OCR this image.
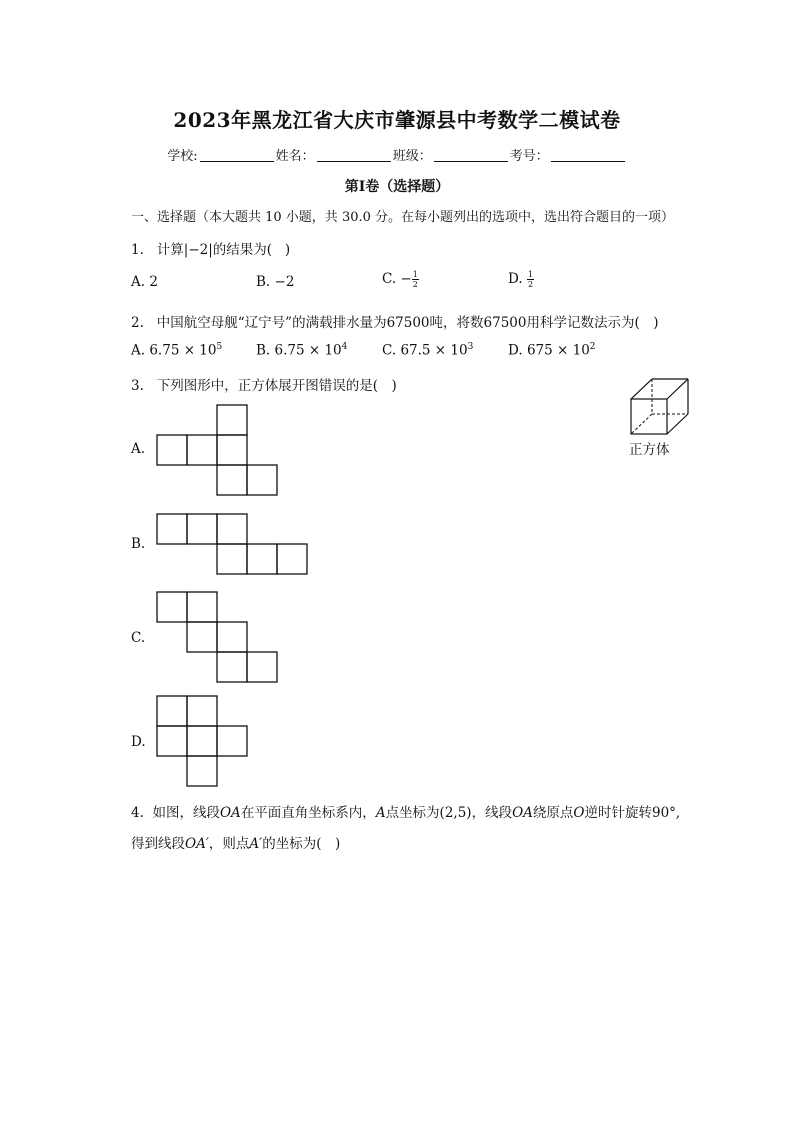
2023年黑龙江省大庆市肇源县中考数学二模试卷
学校:	姓名：	班级：	考号：
第Ⅰ卷（选择题）
一、选择题（本大题共 10 小题，共 30.0 分。在每小题列出的选项中，选出符合题目的一项）
1. 计算|−2|的结果为( )
A. 2	B. −2	C. − $\frac{1}{2}$	D. $\frac{1}{2}$
2. 中国航空母舰“辽宁号”的满载排水量为67500吨，将数67500用科学记数法示为(　)
A. $6.75 \times 10^5$	B. $6.75 \times 10^4$	C. $67.5 \times 10^3$	D. $675 \times 10^2$
3. 下列图形中，正方体展开图错误的是(　)
正方体
A.
B.
C.
D.
4. 如图，线段OA在平面直角坐标系内，A点坐标为(2,5)，线段OA绕原点O逆时针旋转90°,
得到线段OA′，则点A′的坐标为(　)
